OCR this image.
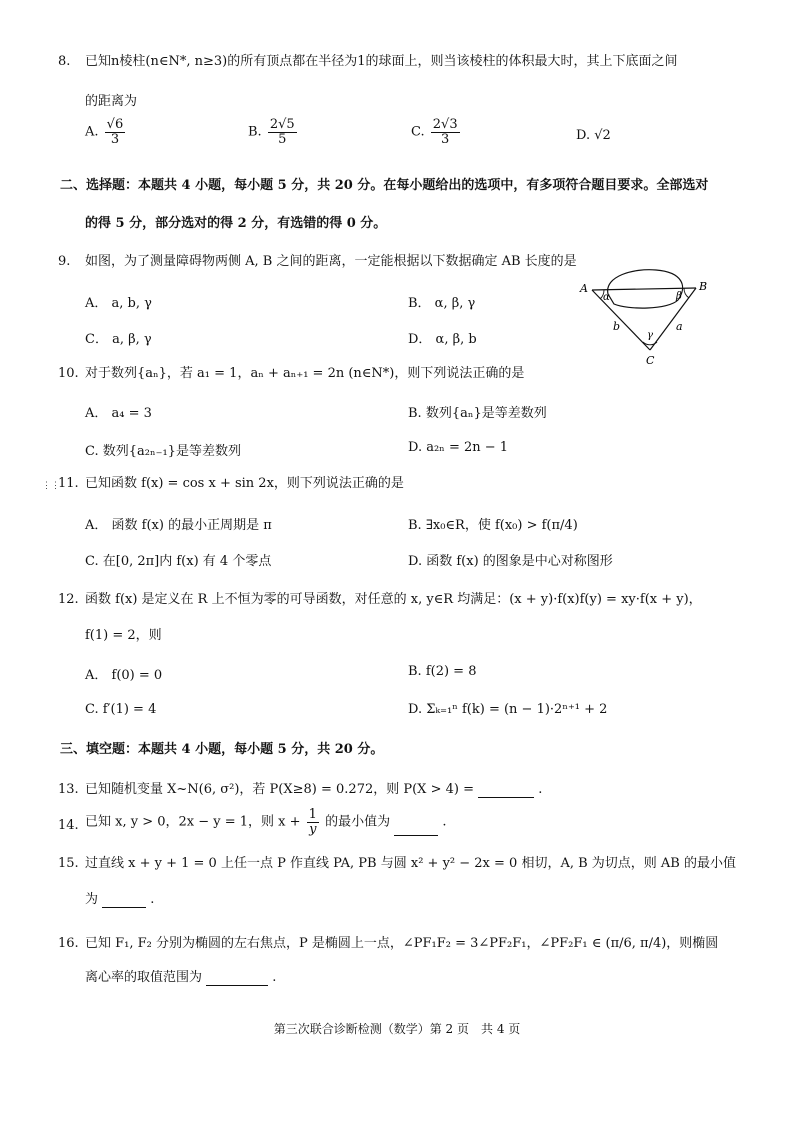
8. 已知n棱柱(n∈N*, n≥3)的所有顶点都在半径为1的球面上，则当该棱柱的体积最大时，其上下底面之间
的距离为
A. $\frac{√6}{3}$	B. $\frac{2√5}{5}$	C. $\frac{2√3}{3}$	D. √2
二、选择题：本题共 4 小题，每小题 5 分，共 20 分。在每小题给出的选项中，有多项符合题目要求。全部选对
的得 5 分，部分选对的得 2 分，有选错的得 0 分。
9. 如图，为了测量障碍物两侧 A, B 之间的距离，一定能根据以下数据确定 AB 长度的是
A． a, b, γ	B． α, β, γ
C． a, β, γ	D． α, β, b
A	B
C
α	β
γ
a
b
10. 对于数列{aₙ}，若 a₁ = 1，aₙ + aₙ₊₁ = 2n (n∈N*)，则下列说法正确的是
A． a₄ = 3	B. 数列{aₙ}是等差数列
C. 数列{a₂ₙ₋₁}是等差数列	D. a₂ₙ = 2n − 1
⋮⋮
11. 已知函数 f(x) = cos x + sin 2x，则下列说法正确的是
A． 函数 f(x) 的最小正周期是 π	B. ∃x₀∈R，使 f(x₀) > f(π/4)
C. 在[0, 2π]内 f(x) 有 4 个零点	D. 函数 f(x) 的图象是中心对称图形
12. 函数 f(x) 是定义在 R 上不恒为零的可导函数，对任意的 x, y∈R 均满足：(x + y)·f(x)f(y) = xy·f(x + y)，
f(1) = 2，则
A． f(0) = 0	B. f(2) = 8
C. f′(1) = 4	D. Σₖ₌₁ⁿ f(k) = (n − 1)·2ⁿ⁺¹ + 2
三、填空题：本题共 4 小题，每小题 5 分，共 20 分。
13. 已知随机变量 X~N(6, σ²)，若 P(X≥8) = 0.272，则 P(X > 4) =	.
14. 已知 x, y > 0，2x − y = 1，则 $x + \frac{1}{y}$ 的最小值为	.
15. 过直线 x + y + 1 = 0 上任一点 P 作直线 PA, PB 与圆 x² + y² − 2x = 0 相切，A, B 为切点，则 AB 的最小值
为	.
16. 已知 F₁, F₂ 分别为椭圆的左右焦点，P 是椭圆上一点，∠PF₁F₂ = 3∠PF₂F₁，∠PF₂F₁ ∈ (π/6, π/4)，则椭圆
离心率的取值范围为	.
第三次联合诊断检测（数学）第 2 页　共 4 页
